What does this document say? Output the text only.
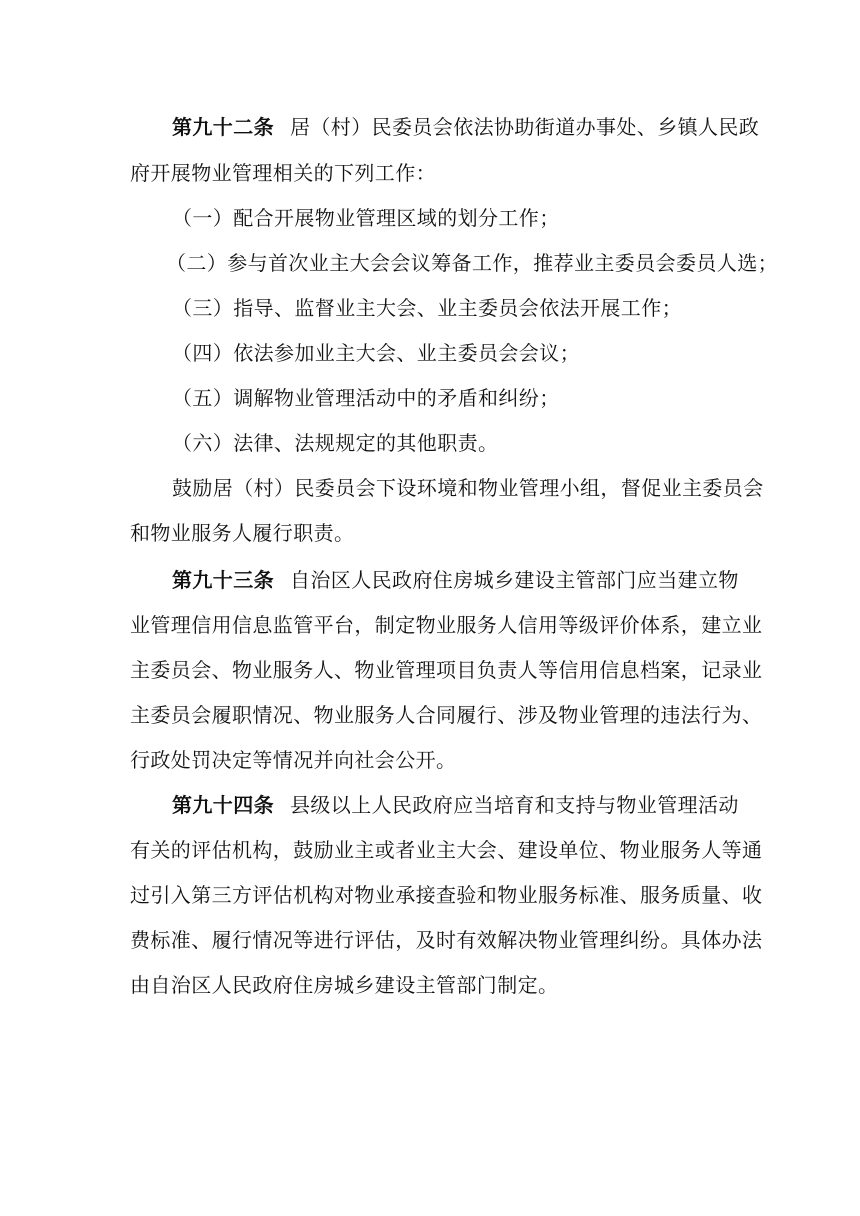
第九十二条 居（村）民委员会依法协助街道办事处、乡镇人民政
府开展物业管理相关的下列工作：
（一）配合开展物业管理区域的划分工作；
（二）参与首次业主大会会议筹备工作，推荐业主委员会委员人选；
（三）指导、监督业主大会、业主委员会依法开展工作；
（四）依法参加业主大会、业主委员会会议；
（五）调解物业管理活动中的矛盾和纠纷；
（六）法律、法规规定的其他职责。
鼓励居（村）民委员会下设环境和物业管理小组，督促业主委员会
和物业服务人履行职责。
第九十三条 自治区人民政府住房城乡建设主管部门应当建立物
业管理信用信息监管平台，制定物业服务人信用等级评价体系，建立业
主委员会、物业服务人、物业管理项目负责人等信用信息档案，记录业
主委员会履职情况、物业服务人合同履行、涉及物业管理的违法行为、
行政处罚决定等情况并向社会公开。
第九十四条 县级以上人民政府应当培育和支持与物业管理活动
有关的评估机构，鼓励业主或者业主大会、建设单位、物业服务人等通
过引入第三方评估机构对物业承接查验和物业服务标准、服务质量、收
费标准、履行情况等进行评估，及时有效解决物业管理纠纷。具体办法
由自治区人民政府住房城乡建设主管部门制定。
